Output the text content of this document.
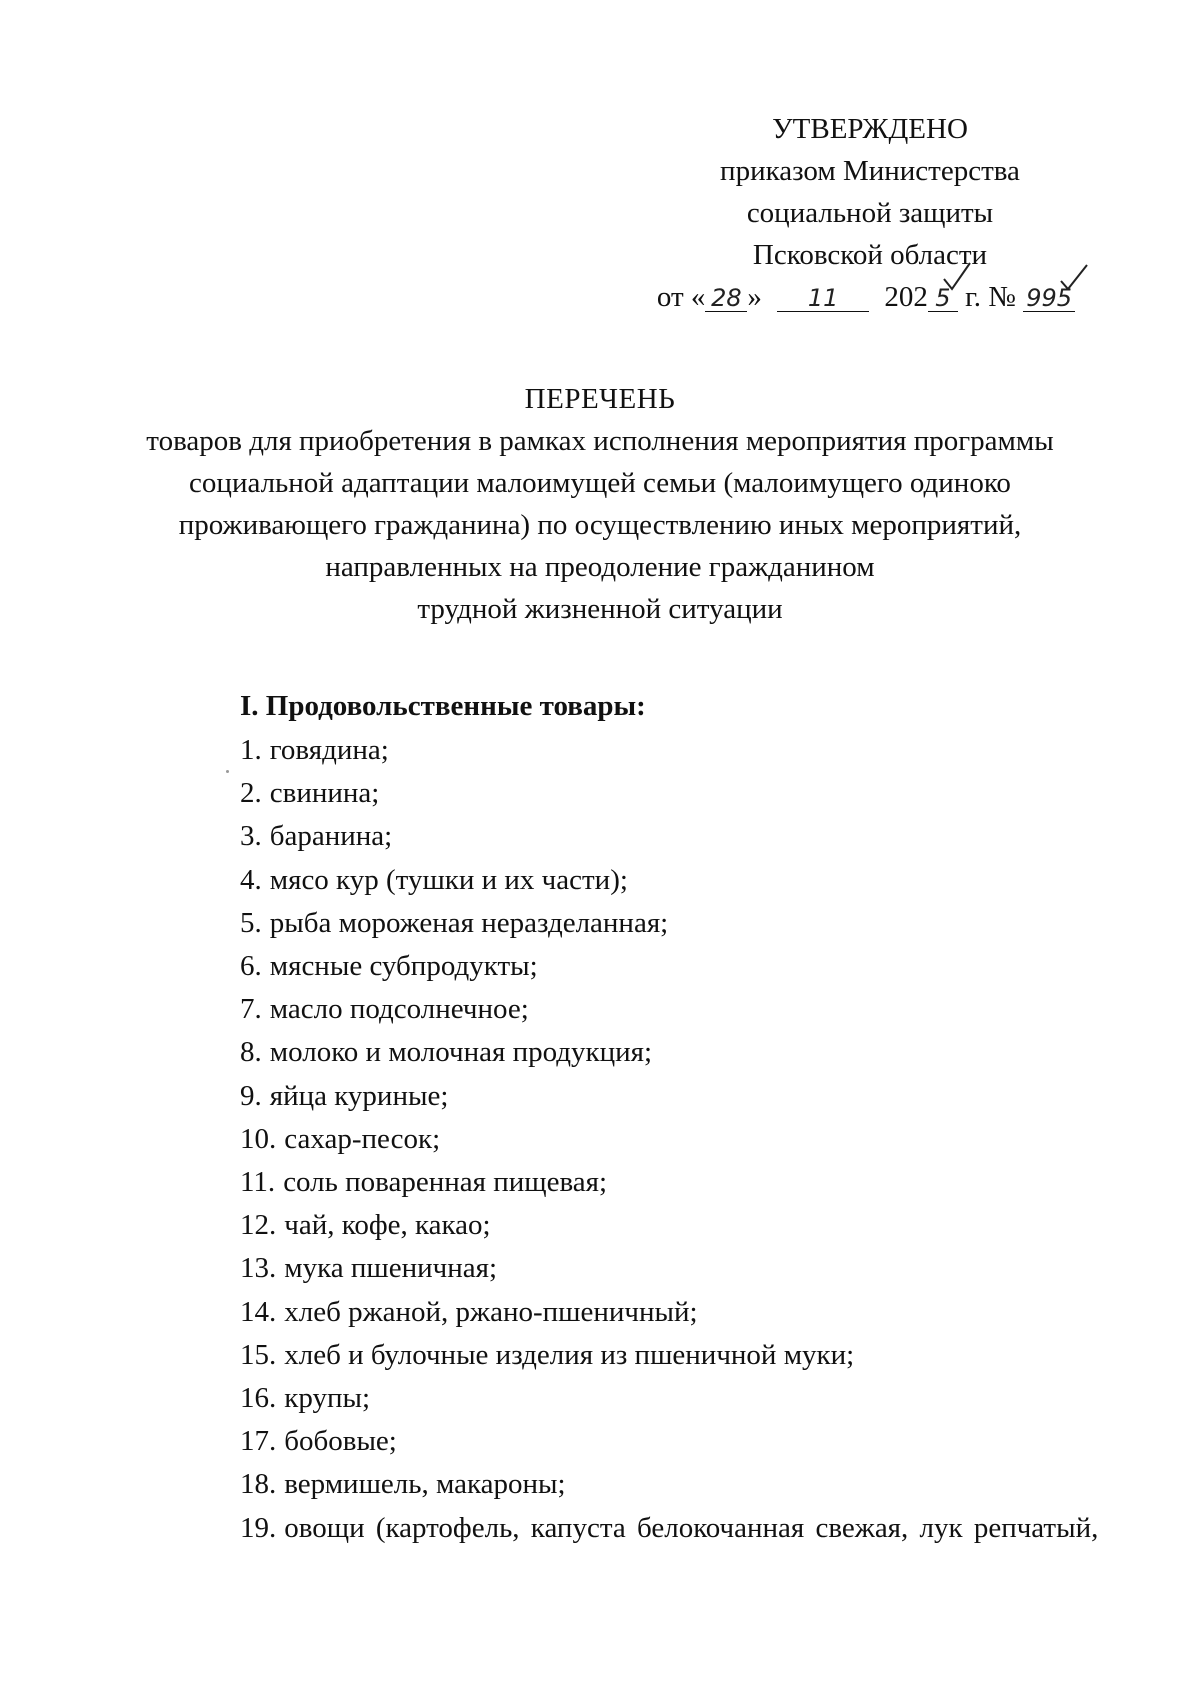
УТВЕРЖДЕНО
приказом Министерства
социальной защиты
Псковской области
от « 28 » 11 202 5 г. № 995
ПЕРЕЧЕНЬ
товаров для приобретения в рамках исполнения мероприятия программы
социальной адаптации малоимущей семьи (малоимущего одиноко
проживающего гражданина) по осуществлению иных мероприятий,
направленных на преодоление гражданином
трудной жизненной ситуации
I. Продовольственные товары:
1. говядина;
2. свинина;
3. баранина;
4. мясо кур (тушки и их части);
5. рыба мороженая неразделанная;
6. мясные субпродукты;
7. масло подсолнечное;
8. молоко и молочная продукция;
9. яйца куриные;
10. сахар-песок;
11. соль поваренная пищевая;
12. чай, кофе, какао;
13. мука пшеничная;
14. хлеб ржаной, ржано-пшеничный;
15. хлеб и булочные изделия из пшеничной муки;
16. крупы;
17. бобовые;
18. вермишель, макароны;
19. овощи (картофель, капуста белокочанная свежая, лук репчатый,
